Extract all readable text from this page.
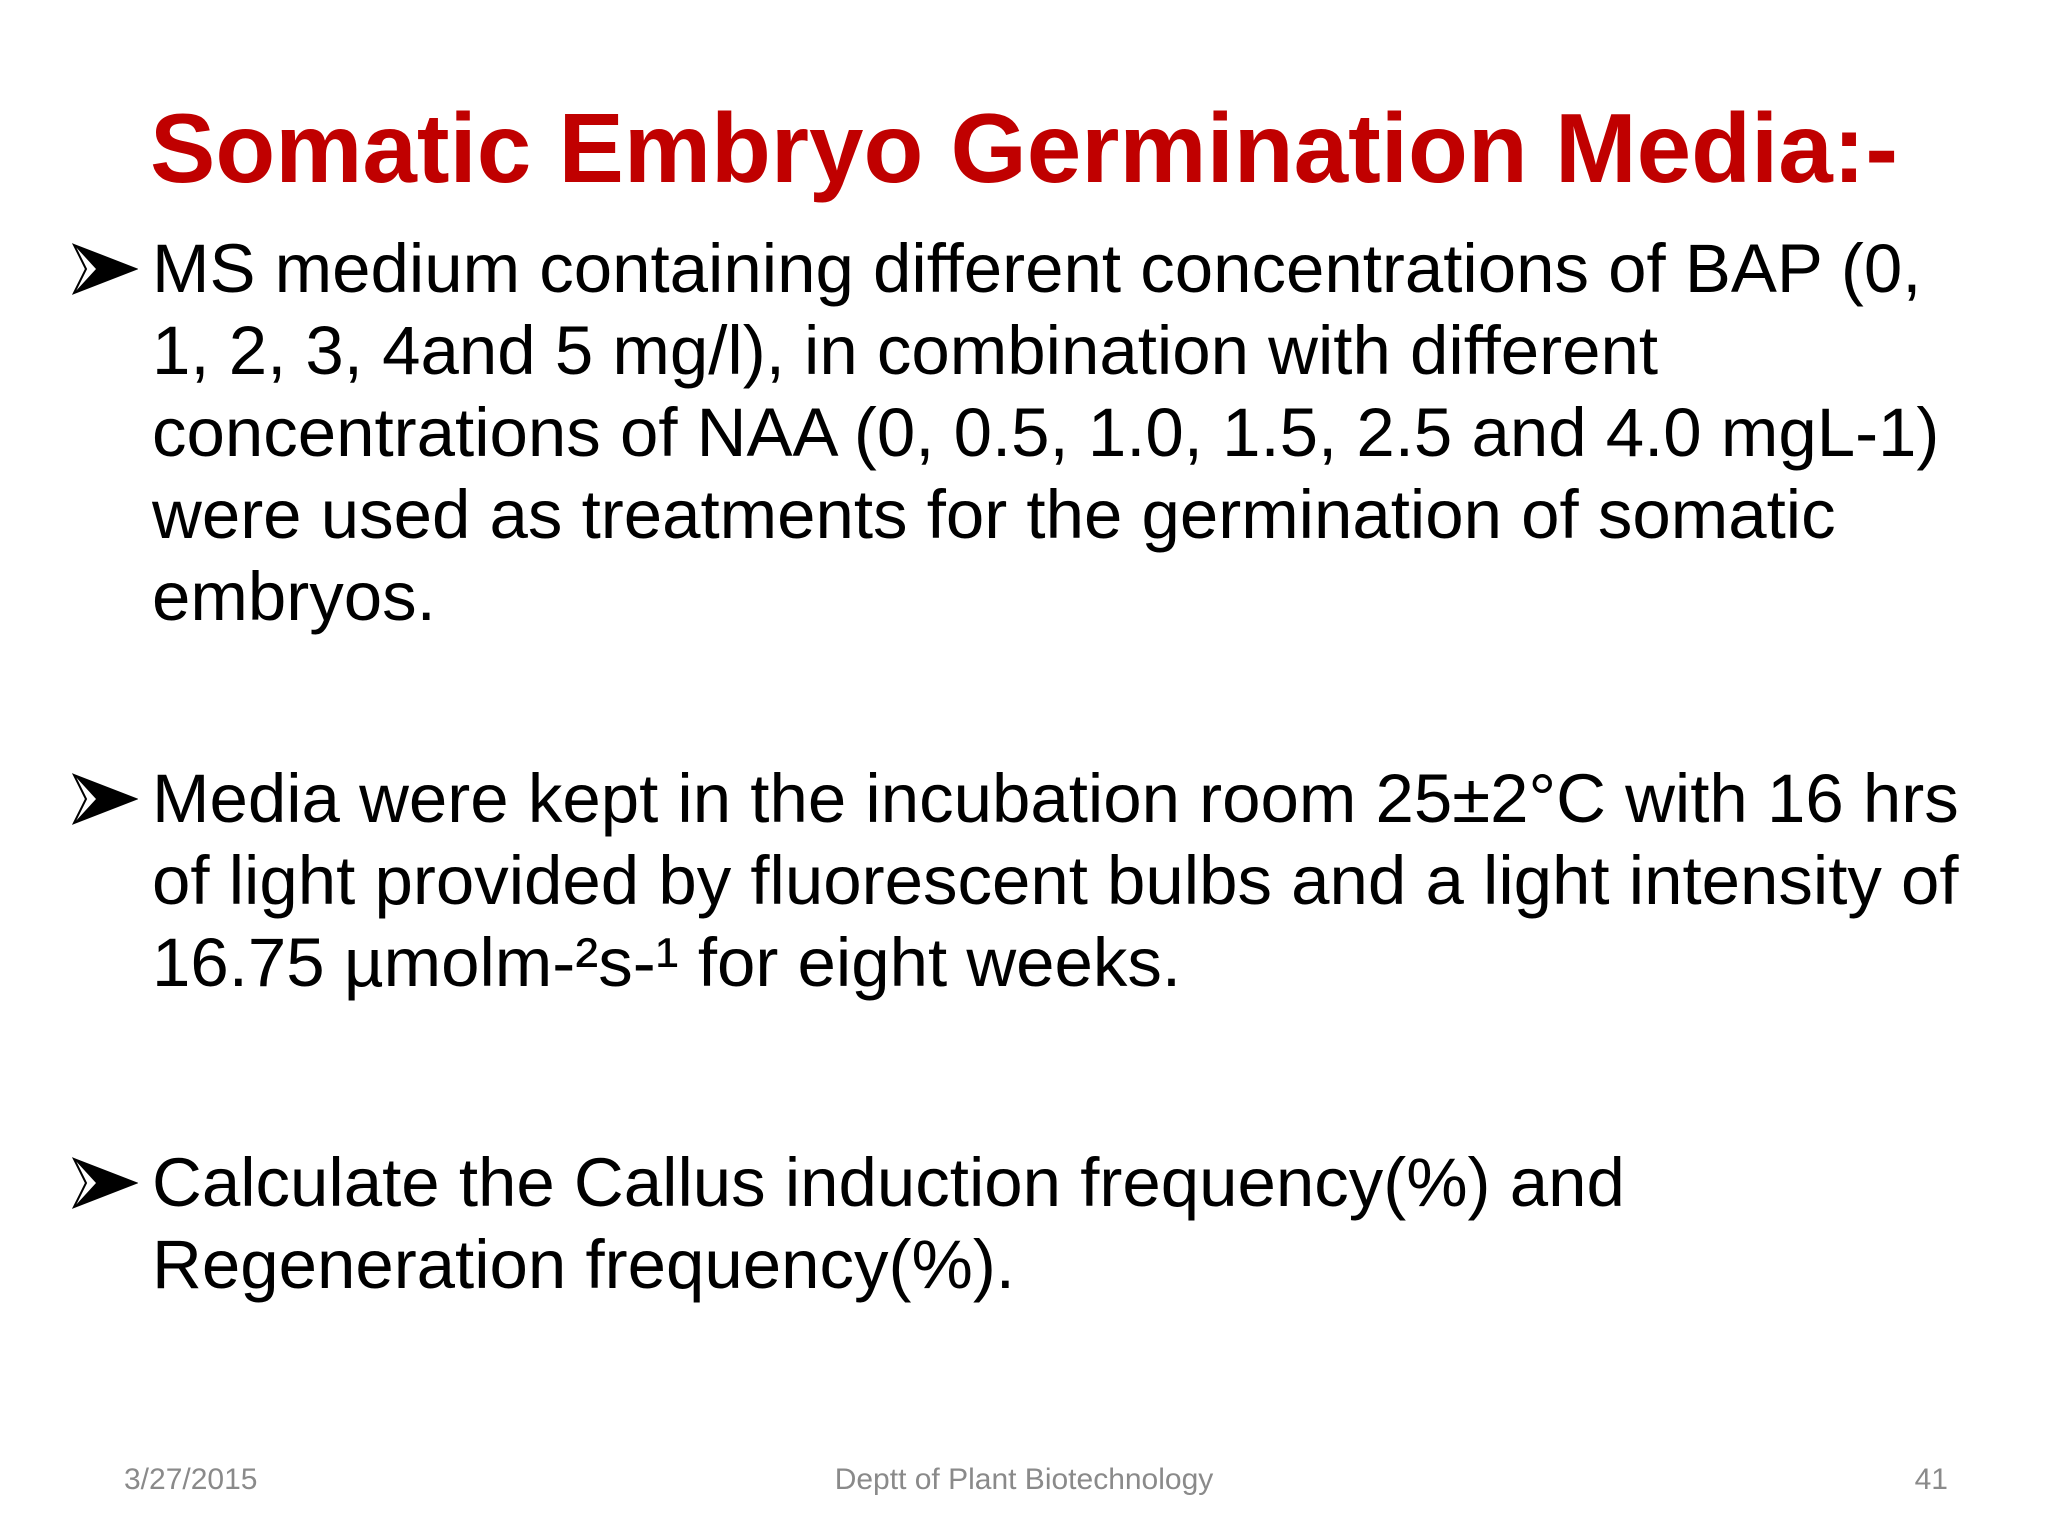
Somatic Embryo Germination Media:-
MS medium containing different concentrations of BAP (0, 1, 2, 3, 4and 5 mg/l), in combination with different concentrations of NAA (0, 0.5, 1.0, 1.5, 2.5 and 4.0 mgL-1) were used as treatments for the germination of somatic embryos.
Media were kept in the incubation room 25±2°C with 16 hrs of light provided by fluorescent bulbs and a light intensity of 16.75 µmolm-²s-¹ for eight weeks.
Calculate the Callus induction frequency(%) and Regeneration frequency(%).
3/27/2015	Deptt of Plant Biotechnology	41
